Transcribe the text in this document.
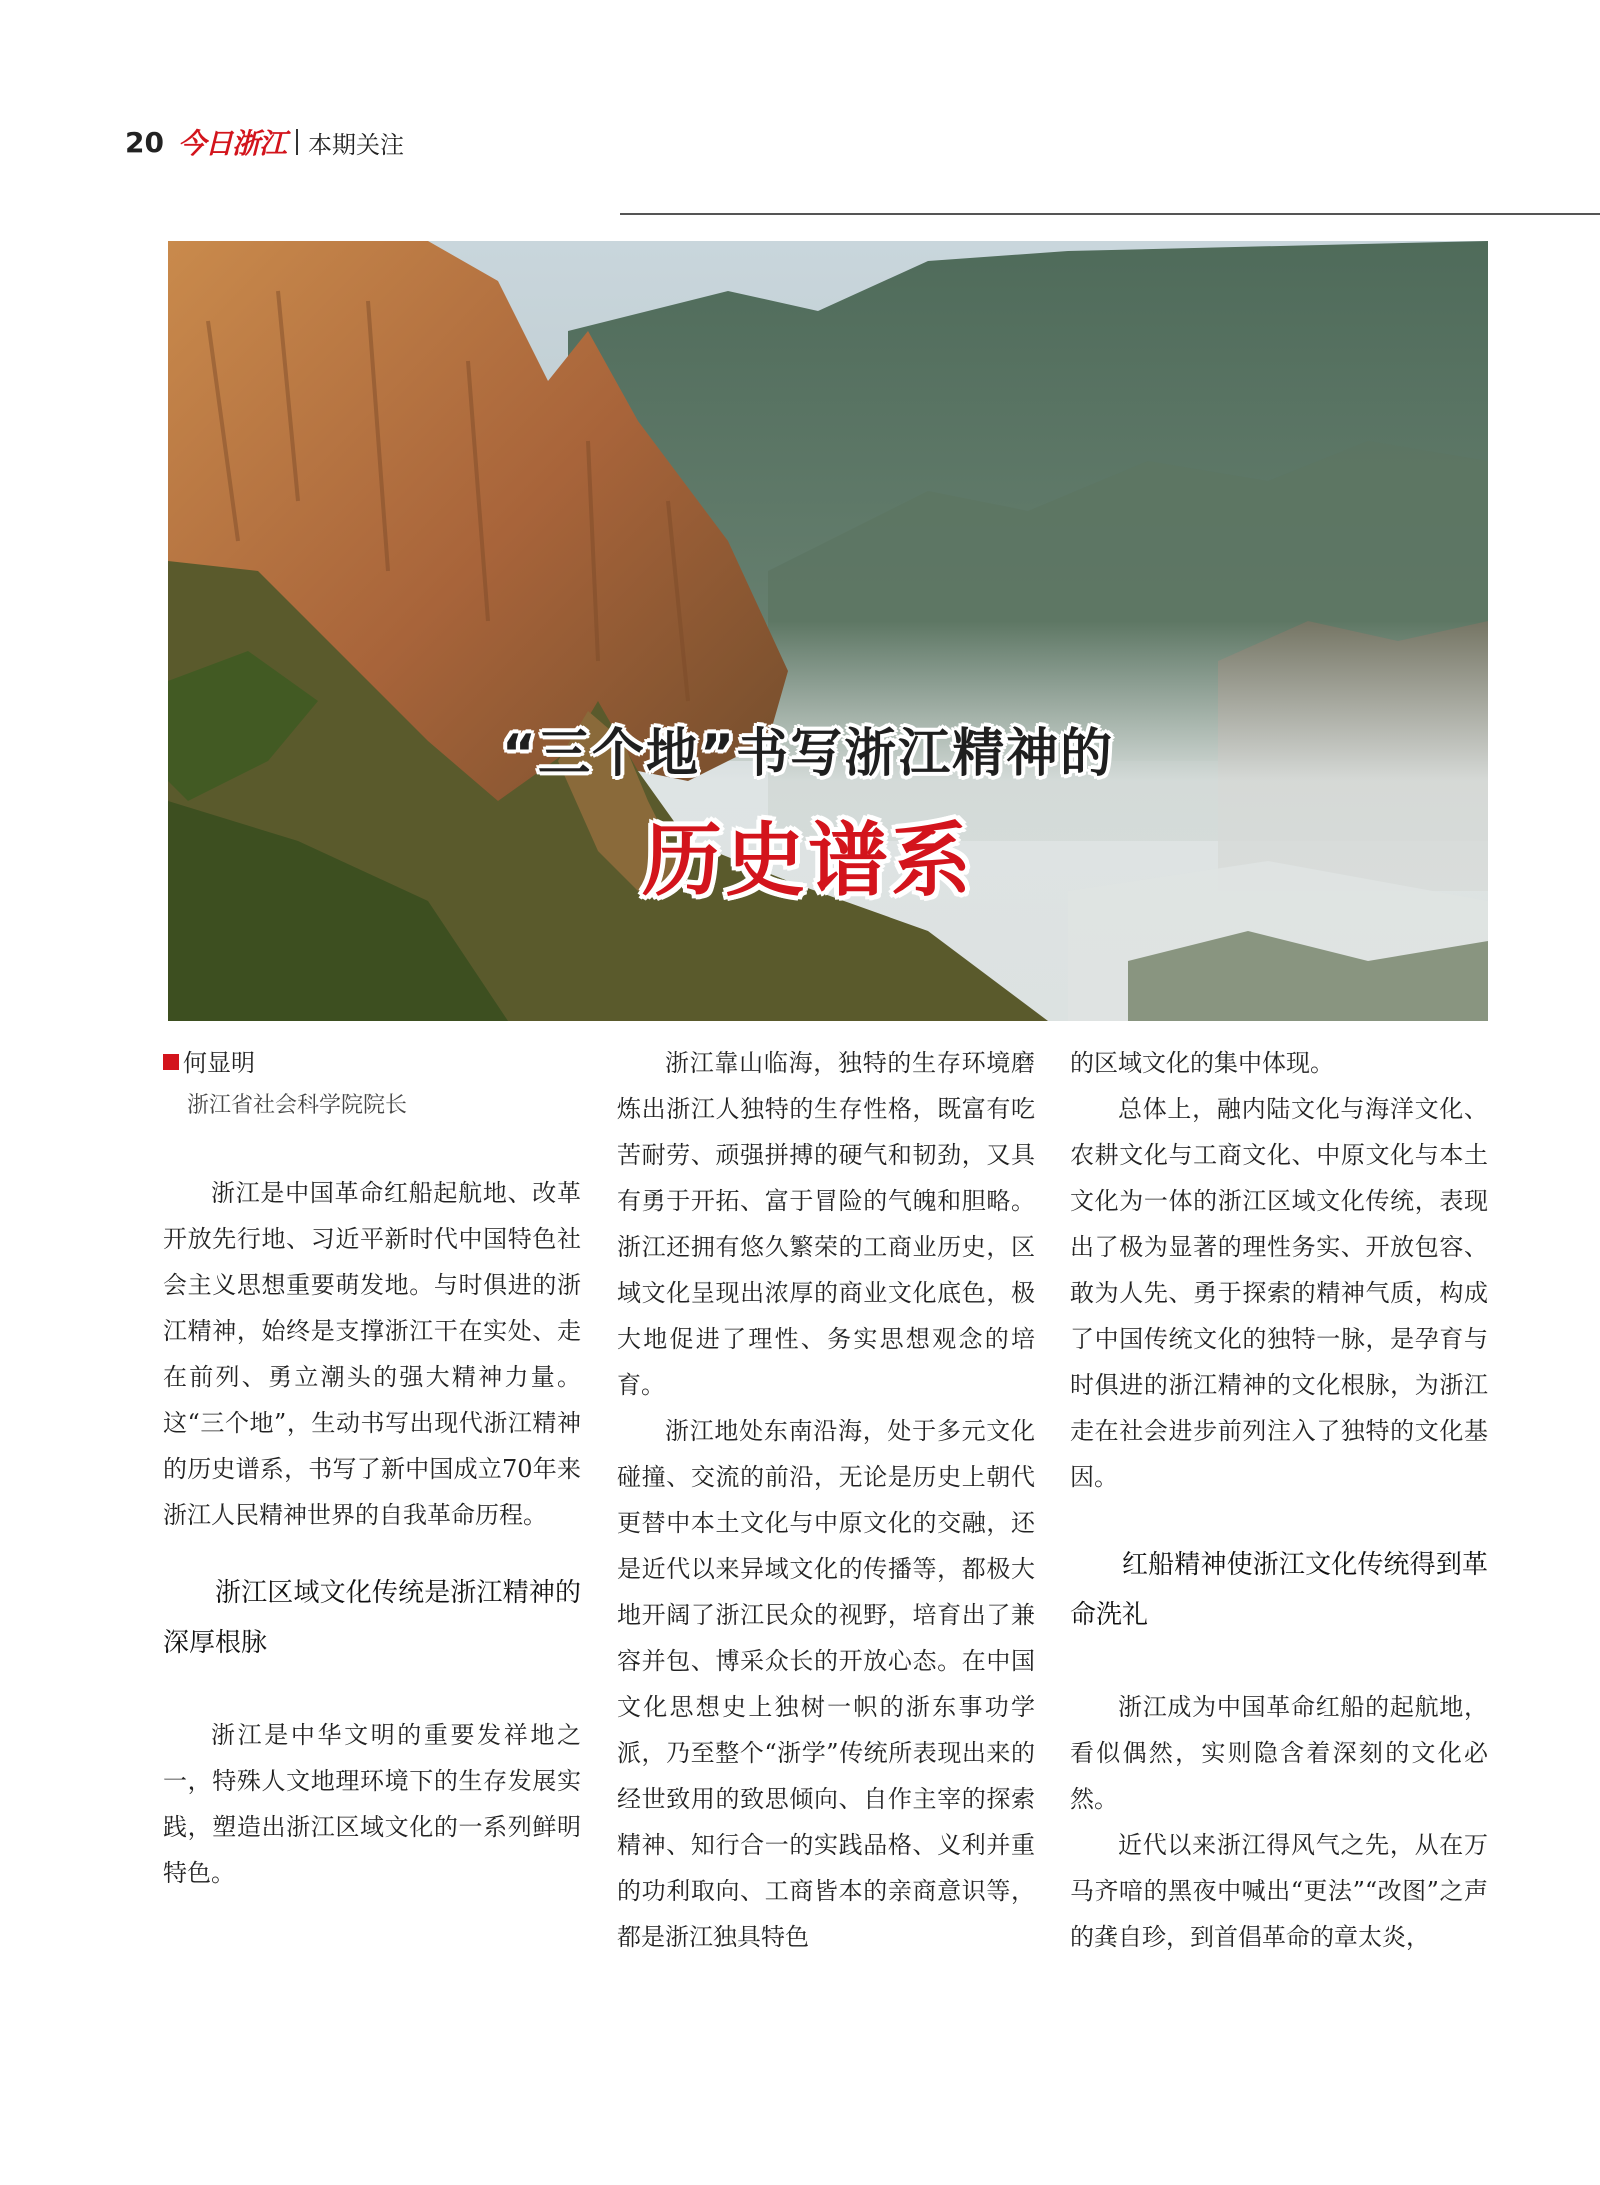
20 今日浙江 本期关注
“三个地”书写浙江精神的
历史谱系
何显明
浙江省社会科学院院长

浙江是中国革命红船起航地、改革开放先行地、习近平新时代中国特色社会主义思想重要萌发地。与时俱进的浙江精神，始终是支撑浙江干在实处、走在前列、勇立潮头的强大精神力量。这“三个地”，生动书写出现代浙江精神的历史谱系，书写了新中国成立70年来浙江人民精神世界的自我革命历程。

浙江区域文化传统是浙江精神的深厚根脉

浙江是中华文明的重要发祥地之一，特殊人文地理环境下的生存发展实践，塑造出浙江区域文化的一系列鲜明特色。

浙江靠山临海，独特的生存环境磨炼出浙江人独特的生存性格，既富有吃苦耐劳、顽强拼搏的硬气和韧劲，又具有勇于开拓、富于冒险的气魄和胆略。浙江还拥有悠久繁荣的工商业历史，区域文化呈现出浓厚的商业文化底色，极大地促进了理性、务实思想观念的培育。

浙江地处东南沿海，处于多元文化碰撞、交流的前沿，无论是历史上朝代更替中本土文化与中原文化的交融，还是近代以来异域文化的传播等，都极大地开阔了浙江民众的视野，培育出了兼容并包、博采众长的开放心态。在中国文化思想史上独树一帜的浙东事功学派，乃至整个“浙学”传统所表现出来的经世致用的致思倾向、自作主宰的探索精神、知行合一的实践品格、义利并重的功利取向、工商皆本的亲商意识等，都是浙江独具特色

的区域文化的集中体现。

总体上，融内陆文化与海洋文化、农耕文化与工商文化、中原文化与本土文化为一体的浙江区域文化传统，表现出了极为显著的理性务实、开放包容、敢为人先、勇于探索的精神气质，构成了中国传统文化的独特一脉，是孕育与时俱进的浙江精神的文化根脉，为浙江走在社会进步前列注入了独特的文化基因。

红船精神使浙江文化传统得到革命洗礼

浙江成为中国革命红船的起航地，看似偶然，实则隐含着深刻的文化必然。

近代以来浙江得风气之先，从在万马齐喑的黑夜中喊出“更法”“改图”之声的龚自珍，到首倡革命的章太炎，
